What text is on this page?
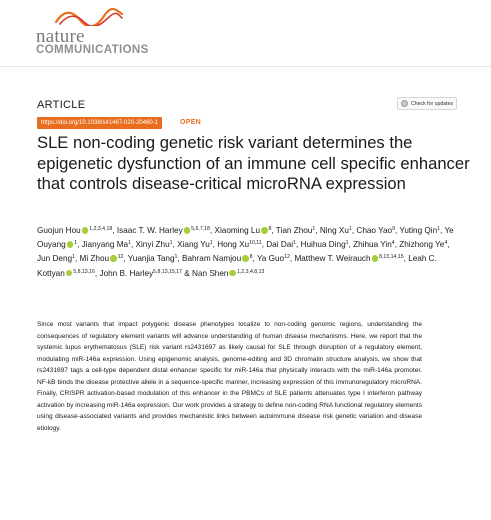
nature
COMMUNICATIONS
ARTICLE	Check for updates
https://doi.org/10.1038/s41467-020-20460-1	OPEN
SLE non-coding genetic risk variant determines the epigenetic dysfunction of an immune cell specific enhancer that controls disease-critical microRNA expression
Guojun Hou $^{1,2,3,4,18}$, Isaac T. W. Harley $^{5,6,7,18}$, Xiaoming Lu $^8$, Tian Zhou$^1$, Ning Xu$^1$, Chao Yao$^9$, Yuting Qin$^1$, Ye Ouyang $^1$, Jianyang Ma$^1$, Xinyi Zhu$^1$, Xiang Yu$^1$, Hong Xu$^{10,11}$, Dai Dai$^1$, Huihua Ding$^1$, Zhihua Yin$^4$, Zhizhong Ye$^4$, Jun Deng$^1$, Mi Zhou $^{12}$, Yuanjia Tang$^1$, Bahram Namjou $^8$, Ya Guo$^{12}$, Matthew T. Weirauch $^{8,13,14,15}$, Leah C. Kottyan $^{5,8,13,16}$, John B. Harley$^{5,8,13,15,17}$ & Nan Shen $^{1,2,3,4,8,13}$

Since most variants that impact polygenic disease phenotypes localize to non-coding genomic regions, understanding the consequences of regulatory element variants will advance understanding of human disease mechanisms. Here, we report that the systemic lupus erythematosus (SLE) risk variant rs2431697 as likely causal for SLE through disruption of a regulatory element, modulating miR-146a expression. Using epigenomic analysis, genome-editing and 3D chromatin structure analysis, we show that rs2431697 tags a cell-type dependent distal enhancer specific for miR-146a that physically interacts with the miR-146a promoter. NF-kB binds the disease protective allele in a sequence-specific manner, increasing expression of this immunoregulatory microRNA. Finally, CRISPR activation-based modulation of this enhancer in the PBMCs of SLE patients attenuates type I interferon pathway activation by increasing miR-146a expression. Our work provides a strategy to define non-coding RNA functional regulatory elements using disease-associated variants and provides mechanistic links between autoimmune disease risk genetic variation and disease etiology.
